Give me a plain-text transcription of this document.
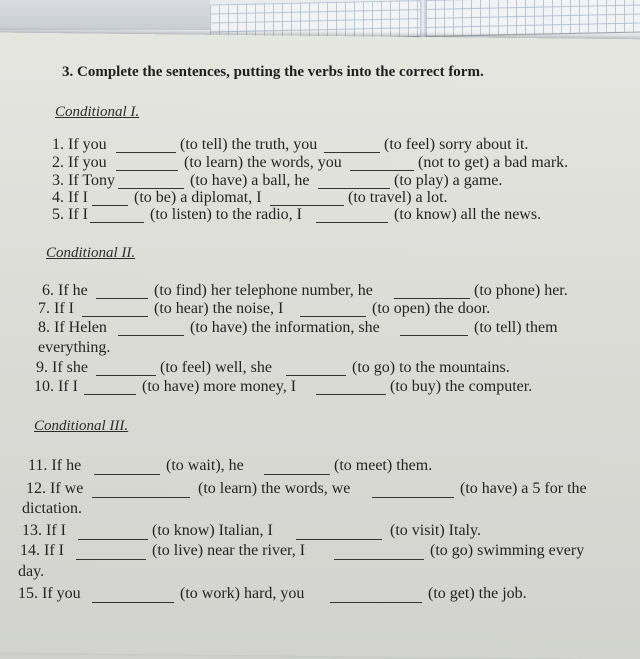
3. Complete the sentences, putting the verbs into the correct form.
Conditional I.
1. If you	(to tell) the truth, you	(to feel) sorry about it.
2. If you	(to learn) the words, you	(not to get) a bad mark.
3. If Tony	(to have) a ball, he	(to play) a game.
4. If I	(to be) a diplomat, I	(to travel) a lot.
5. If I	(to listen) to the radio, I	(to know) all the news.
Conditional II.
6. If he	(to find) her telephone number, he	(to phone) her.
7. If I	(to hear) the noise, I	(to open) the door.
8. If Helen	(to have) the information, she	(to tell) them
everything.
9. If she	(to feel) well, she	(to go) to the mountains.
10. If I	(to have) more money, I	(to buy) the computer.
Conditional III.
11. If he	(to wait), he	(to meet) them.
12. If we	(to learn) the words, we	(to have) a 5 for the
dictation.
13. If I	(to know) Italian, I	(to visit) Italy.
14. If I	(to live) near the river, I	(to go) swimming every
day.
15. If you	(to work) hard, you	(to get) the job.
